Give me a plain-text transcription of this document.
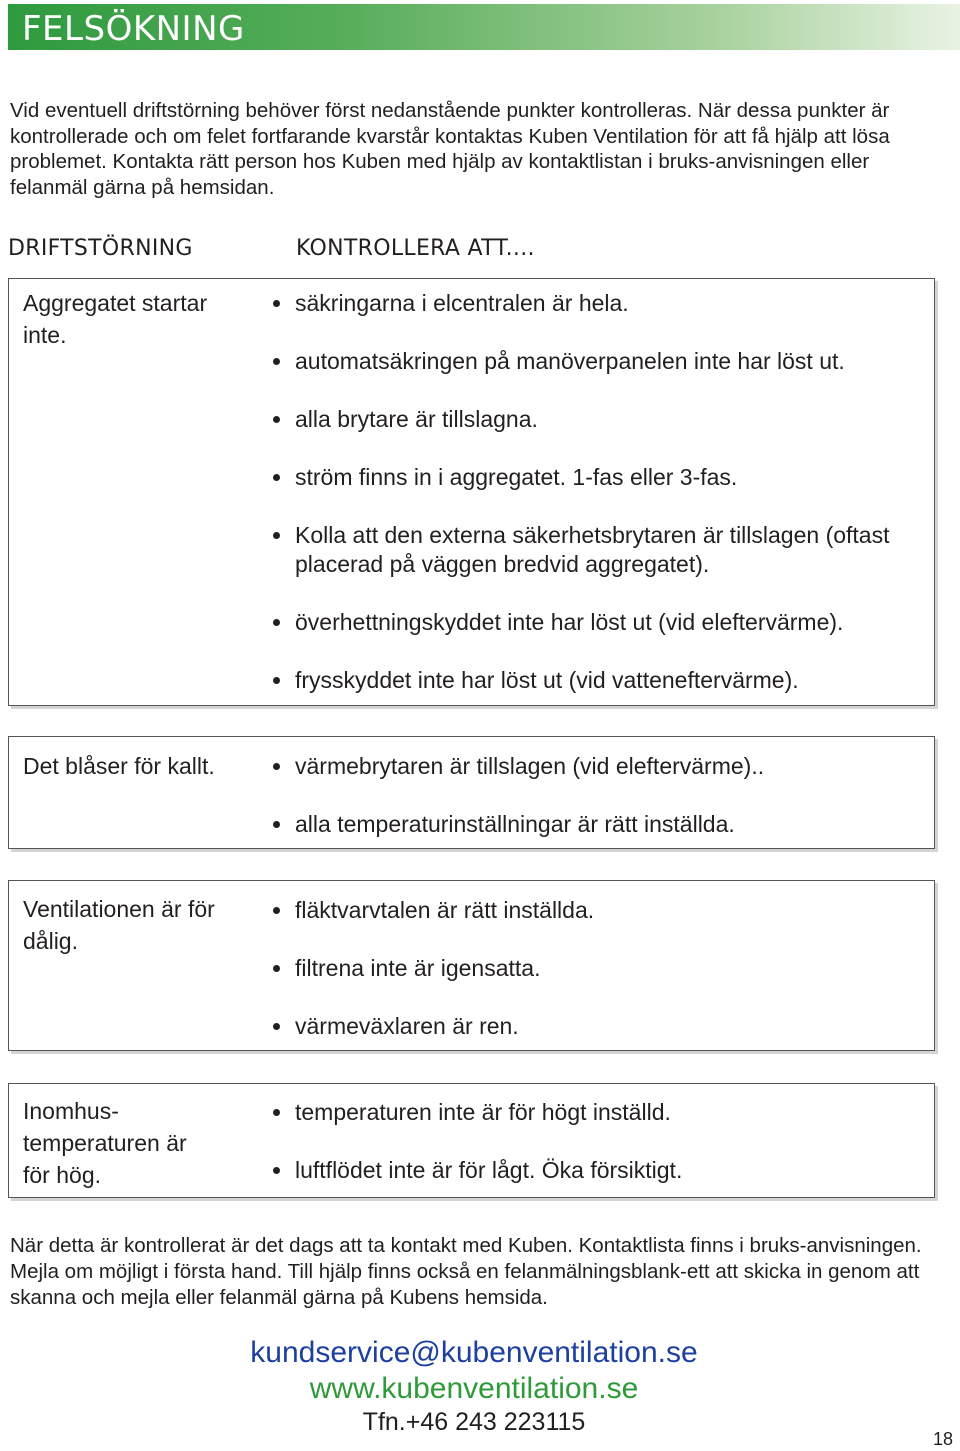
FELSÖKNING
Vid eventuell driftstörning behöver först nedanstående punkter kontrolleras. När dessa punkter är kontrollerade och om felet fortfarande kvarstår kontaktas Kuben Ventilation för att få hjälp att lösa problemet. Kontakta rätt person hos Kuben med hjälp av kontaktlistan i bruks-anvisningen eller felanmäl gärna på hemsidan.
DRIFTSTÖRNING	KONTROLLERA ATT....
Aggregatet startar inte.
säkringarna i elcentralen är hela.
automatsäkringen på manöverpanelen inte har löst ut.
alla brytare är tillslagna.
ström finns in i aggregatet. 1-fas eller 3-fas.
Kolla att den externa säkerhetsbrytaren är tillslagen (oftast placerad på väggen bredvid aggregatet).
överhettningskyddet inte har löst ut (vid eleftervärme).
frysskyddet inte har löst ut (vid vatteneftervärme).
Det blåser för kallt.	värmebrytaren är tillslagen (vid eleftervärme)..
alla temperaturinställningar är rätt inställda.
Ventilationen är för dålig.
fläktvarvtalen är rätt inställda.
filtrena inte är igensatta.
värmeväxlaren är ren.
Inomhus-temperaturen är för hög.
temperaturen inte är för högt inställd.
luftflödet inte är för lågt. Öka försiktigt.
När detta är kontrollerat är det dags att ta kontakt med Kuben. Kontaktlista finns i bruks-anvisningen. Mejla om möjligt i första hand. Till hjälp finns också en felanmälningsblank-ett att skicka in genom att skanna och mejla eller felanmäl gärna på Kubens hemsida.
kundservice@kubenventilation.se
www.kubenventilation.se
Tfn.+46 243 223115
18
